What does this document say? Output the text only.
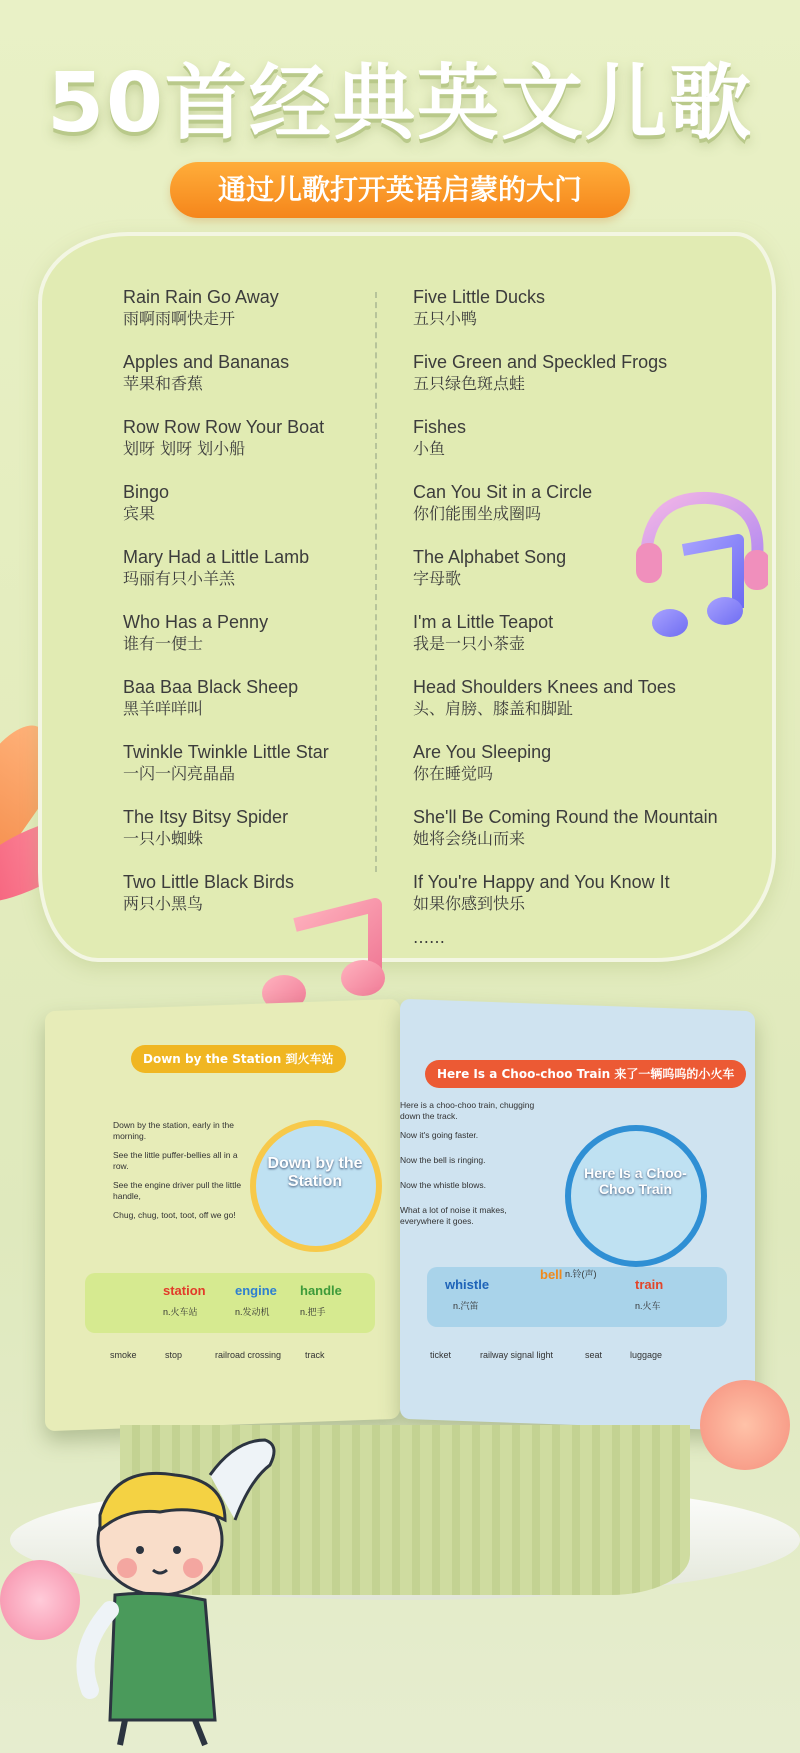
50首经典英文儿歌
通过儿歌打开英语启蒙的大门
Rain Rain Go Away
雨啊雨啊快走开
Apples and Bananas
苹果和香蕉
Row Row Row Your Boat
划呀 划呀 划小船
Bingo
宾果
Mary Had a Little Lamb
玛丽有只小羊羔
Who Has a Penny
谁有一便士
Baa Baa Black Sheep
黑羊咩咩叫
Twinkle Twinkle Little Star
一闪一闪亮晶晶
The Itsy Bitsy Spider
一只小蜘蛛
Two Little Black Birds
两只小黑鸟
Five Little Ducks
五只小鸭
Five Green and Speckled Frogs
五只绿色斑点蛙
Fishes
小鱼
Can You Sit in a Circle
你们能围坐成圈吗
The Alphabet Song
字母歌
I'm a Little Teapot
我是一只小茶壶
Head Shoulders Knees and Toes
头、肩膀、膝盖和脚趾
Are You Sleeping
你在睡觉吗
She'll Be Coming Round the Mountain
她将会绕山而来
If You're Happy and You Know It
如果你感到快乐
……
Down by the Station 到火车站
Here Is a Choo-choo Train 来了一辆呜呜的小火车
Down by the Station	Here Is a Choo-Choo Train
Down by the station, early in the morning.
See the little puffer-bellies all in a row.
See the engine driver pull the little handle,
Chug, chug, toot, toot, off we go!
Here is a choo-choo train, chugging down the track.
Now it's going faster.
Now the bell is ringing.
Now the whistle blows.
What a lot of noise it makes, everywhere it goes.
station
n.火车站
engine
n.发动机
handle
n.把手
whistle
n.汽笛
bell n.铃(声)
train
n.火车
smoke	stop	railroad crossing	track	ticket	railway signal light	seat	luggage
